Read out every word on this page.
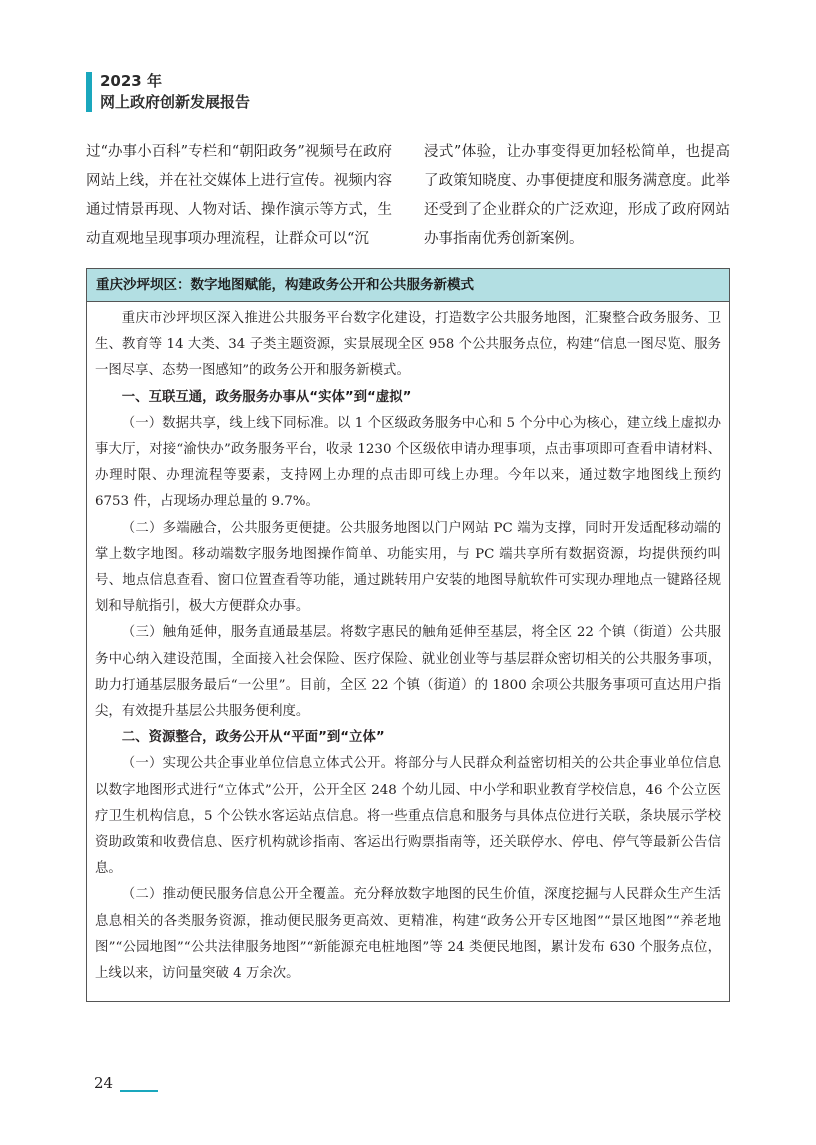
2023 年
网上政府创新发展报告
过“办事小百科”专栏和“朝阳政务”视频号在政府网站上线，并在社交媒体上进行宣传。视频内容通过情景再现、人物对话、操作演示等方式，生动直观地呈现事项办理流程，让群众可以“沉
浸式”体验，让办事变得更加轻松简单，也提高了政策知晓度、办事便捷度和服务满意度。此举还受到了企业群众的广泛欢迎，形成了政府网站办事指南优秀创新案例。
重庆沙坪坝区：数字地图赋能，构建政务公开和公共服务新模式

重庆市沙坪坝区深入推进公共服务平台数字化建设，打造数字公共服务地图，汇聚整合政务服务、卫生、教育等 14 大类、34 子类主题资源，实景展现全区 958 个公共服务点位，构建“信息一图尽览、服务一图尽享、态势一图感知”的政务公开和服务新模式。

一、互联互通，政务服务办事从“实体”到“虚拟”

（一）数据共享，线上线下同标准。以 1 个区级政务服务中心和 5 个分中心为核心，建立线上虚拟办事大厅，对接“渝快办”政务服务平台，收录 1230 个区级依申请办理事项，点击事项即可查看申请材料、办理时限、办理流程等要素，支持网上办理的点击即可线上办理。今年以来，通过数字地图线上预约 6753 件，占现场办理总量的 9.7%。

（二）多端融合，公共服务更便捷。公共服务地图以门户网站 PC 端为支撑，同时开发适配移动端的掌上数字地图。移动端数字服务地图操作简单、功能实用，与 PC 端共享所有数据资源，均提供预约叫号、地点信息查看、窗口位置查看等功能，通过跳转用户安装的地图导航软件可实现办理地点一键路径规划和导航指引，极大方便群众办事。

（三）触角延伸，服务直通最基层。将数字惠民的触角延伸至基层，将全区 22 个镇（街道）公共服务中心纳入建设范围，全面接入社会保险、医疗保险、就业创业等与基层群众密切相关的公共服务事项，助力打通基层服务最后“一公里”。目前，全区 22 个镇（街道）的 1800 余项公共服务事项可直达用户指尖，有效提升基层公共服务便利度。

二、资源整合，政务公开从“平面”到“立体”

（一）实现公共企事业单位信息立体式公开。将部分与人民群众利益密切相关的公共企事业单位信息以数字地图形式进行“立体式”公开，公开全区 248 个幼儿园、中小学和职业教育学校信息，46 个公立医疗卫生机构信息，5 个公铁水客运站点信息。将一些重点信息和服务与具体点位进行关联，条块展示学校资助政策和收费信息、医疗机构就诊指南、客运出行购票指南等，还关联停水、停电、停气等最新公告信息。

（二）推动便民服务信息公开全覆盖。充分释放数字地图的民生价值，深度挖掘与人民群众生产生活息息相关的各类服务资源，推动便民服务更高效、更精准，构建“政务公开专区地图”“景区地图”“养老地图”“公园地图”“公共法律服务地图”“新能源充电桩地图”等 24 类便民地图，累计发布 630 个服务点位，上线以来，访问量突破 4 万余次。

24
